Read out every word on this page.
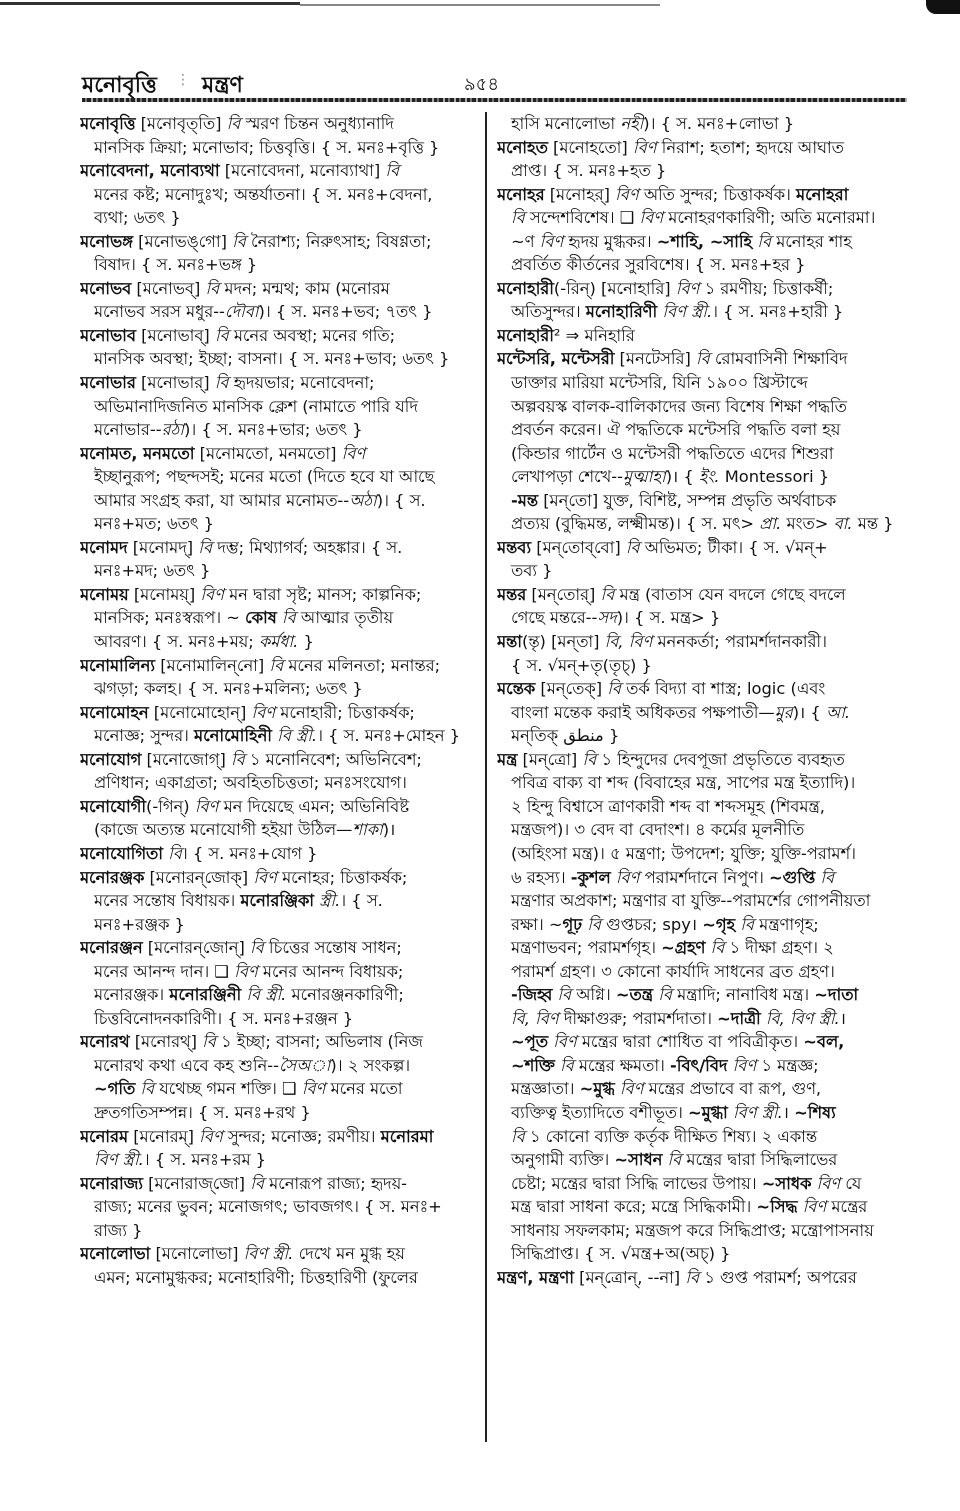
মনোবৃত্তি ⋮ মন্ত্রণ	৯৫৪
মনোবৃত্তি [মনোবৃত্‌তি] বি স্মরণ চিন্তন অনুধ্যানাদি
মানসিক ক্রিয়া; মনোভাব; চিত্তবৃত্তি। { স. মনঃ+বৃত্তি }
মনোবেদনা, মনোব্যথা [মনোবেদনা, মনোব্যাথা] বি
মনের কষ্ট; মনোদুঃখ; অন্তর্যাতনা। { স. মনঃ+বেদনা,
ব্যথা; ৬তৎ }
মনোভঙ্গ [মনোভঙ্‌গো] বি নৈরাশ্য; নিরুৎসাহ; বিষণ্ণতা;
বিষাদ। { স. মনঃ+ভঙ্গ }
মনোভব [মনোভব্‌] বি মদন; মন্মথ; কাম (মনোরম
মনোভব সরস মধুর--দৌবা)। { স. মনঃ+ভব; ৭তৎ }
মনোভাব [মনোভাব্‌] বি মনের অবস্থা; মনের গতি;
মানসিক অবস্থা; ইচ্ছা; বাসনা। { স. মনঃ+ভাব; ৬তৎ }
মনোভার [মনোভার্‌] বি হৃদয়ভার; মনোবেদনা;
অভিমানাদিজনিত মানসিক ক্লেশ (নামাতে পারি যদি
মনোভার--রঠা)। { স. মনঃ+ভার; ৬তৎ }
মনোমত, মনমতো [মনোমতো, মনমতো] বিণ
ইচ্ছানুরূপ; পছন্দসই; মনের মতো (দিতে হবে যা আছে
আমার সংগ্রহ করা, যা আমার মনোমত--অঠা)। { স.
মনঃ+মত; ৬তৎ }
মনোমদ [মনোমদ্‌] বি দম্ভ; মিথ্যাগর্ব; অহঙ্কার। { স.
মনঃ+মদ; ৬তৎ }
মনোময় [মনোময়্‌] বিণ মন দ্বারা সৃষ্ট; মানস; কাল্পনিক;
মানসিক; মনঃস্বরূপ। ~ কোষ বি আত্মার তৃতীয়
আবরণ। { স. মনঃ+ময়; কর্মধা. }
মনোমালিন্য [মনোমালিন্‌নো] বি মনের মলিনতা; মনান্তর;
ঝগড়া; কলহ। { স. মনঃ+মলিন্য; ৬তৎ }
মনোমোহন [মনোমোহোন্‌] বিণ মনোহারী; চিত্তাকর্ষক;
মনোজ্ঞ; সুন্দর। মনোমোহিনী বি স্ত্রী.। { স. মনঃ+মোহন }
মনোযোগ [মনোজোগ্‌] বি ১ মনোনিবেশ; অভিনিবেশ;
প্রণিধান; একাগ্রতা; অবহিতচিত্ততা; মনঃসংযোগ।
মনোযোগী(-গিন্‌) বিণ মন দিয়েছে এমন; অভিনিবিষ্ট
(কাজে অত্যন্ত মনোযোগী হইয়া উঠিল—শাকা)।
মনোযোগিতা বি। { স. মনঃ+যোগ }
মনোরঞ্জক [মনোরন্‌জোক্‌] বিণ মনোহর; চিত্তাকর্ষক;
মনের সন্তোষ বিধায়ক। মনোরঞ্জিকা স্ত্রী.। { স.
মনঃ+রঞ্জক }
মনোরঞ্জন [মনোরন্‌জোন্‌] বি চিত্তের সন্তোষ সাধন;
মনের আনন্দ দান। ❑ বিণ মনের আনন্দ বিধায়ক;
মনোরঞ্জক। মনোরঞ্জিনী বি স্ত্রী. মনোরঞ্জনকারিণী;
চিত্তবিনোদনকারিণী। { স. মনঃ+রঞ্জন }
মনোরথ [মনোরথ্‌] বি ১ ইচ্ছা; বাসনা; অভিলাষ (নিজ
মনোরথ কথা এবে কহ শুনি--সৈঅা)। ২ সংকল্প।
~গতি বি যথেচ্ছ গমন শক্তি। ❑ বিণ মনের মতো
দ্রুতগতিসম্পন্ন। { স. মনঃ+রথ }
মনোরম [মনোরম্‌] বিণ সুন্দর; মনোজ্ঞ; রমণীয়। মনোরমা
বিণ স্ত্রী.। { স. মনঃ+রম }
মনোরাজ্য [মনোরাজ্‌জো] বি মনোরূপ রাজ্য; হৃদয়-
রাজ্য; মনের ভুবন; মনোজগৎ; ভাবজগৎ। { স. মনঃ+
রাজ্য }
মনোলোভা [মনোলোভা] বিণ স্ত্রী. দেখে মন মুগ্ধ হয়
এমন; মনোমুগ্ধকর; মনোহারিণী; চিত্তহারিণী (ফুলের
হাসি মনোলোভা নহী)। { স. মনঃ+লোভা }
মনোহত [মনোহতো] বিণ নিরাশ; হতাশ; হৃদয়ে আঘাত
প্রাপ্ত। { স. মনঃ+হত }
মনোহর [মনোহর্‌] বিণ অতি সুন্দর; চিত্তাকর্ষক। মনোহরা
বি সন্দেশবিশেষ। ❑ বিণ মনোহরণকারিণী; অতি মনোরমা।
~ণ বিণ হৃদয় মুগ্ধকর। ~শাহি, ~সাহি বি মনোহর শাহ
প্রবর্তিত কীর্তনের সুরবিশেষ। { স. মনঃ+হর }
মনোহারী(-রিন্‌) [মনোহারি] বিণ ১ রমণীয়; চিত্তাকর্ষী;
অতিসুন্দর। মনোহারিণী বিণ স্ত্রী.। { স. মনঃ+হারী }
মনোহারী² ⇒ মনিহারি
মন্টেসরি, মন্টেসরী [মনটেসরি] বি রোমবাসিনী শিক্ষাবিদ
ডাক্তার মারিয়া মন্টেসরি, যিনি ১৯০০ খ্রিস্টাব্দে
অল্পবয়স্ক বালক-বালিকাদের জন্য বিশেষ শিক্ষা পদ্ধতি
প্রবর্তন করেন। ঐ পদ্ধতিকে মন্টেসরি পদ্ধতি বলা হয়
(কিন্ডার গার্টেন ও মন্টেসরী পদ্ধতিতে এদের শিশুরা
লেখাপড়া শেখে--মুত্মাহা)। { ইং. Montessori }
-মন্ত [মন্‌তো] যুক্ত, বিশিষ্ট, সম্পন্ন প্রভৃতি অর্থবাচক
প্রত্যয় (বুদ্ধিমন্ত, লক্ষ্মীমন্ত)। { স. মৎ> প্রা. মংত> বা. মন্ত }
মন্তব্য [মন্‌তোব্‌বো] বি অভিমত; টীকা। { স. √মন্‌+
তব্য }
মন্তর [মন্‌তোর্‌] বি মন্ত্র (বাতাস যেন বদলে গেছে বদলে
গেছে মন্তরে--সদ)। { স. মন্ত্র> }
মন্তা(ন্তৃ) [মন্‌তা] বি, বিণ মননকর্তা; পরামর্শদানকারী।
{ স. √মন্‌+তৃ(তৃচ্‌) }
মন্তেক [মন্‌তেক্‌] বি তর্ক বিদ্যা বা শাস্ত্র; logic (এবং
বাংলা মন্তেক করাই অধিকতর পক্ষপাতী—মুর)। { আ.
মন্‌তিক্‌ منطق }
মন্ত্র [মন্‌ত্রো] বি ১ হিন্দুদের দেবপূজা প্রভৃতিতে ব্যবহৃত
পবিত্র বাক্য বা শব্দ (বিবাহের মন্ত্র, সাপের মন্ত্র ইত্যাদি)।
২ হিন্দু বিশ্বাসে ত্রাণকারী শব্দ বা শব্দসমূহ (শিবমন্ত্র,
মন্ত্রজপ)। ৩ বেদ বা বেদাংশ। ৪ কর্মের মূলনীতি
(অহিংসা মন্ত্র)। ৫ মন্ত্রণা; উপদেশ; যুক্তি; যুক্তি-পরামর্শ।
৬ রহস্য। -কুশল বিণ পরামর্শদানে নিপুণ। ~গুপ্তি বি
মন্ত্রণার অপ্রকাশ; মন্ত্রণার বা যুক্তি--পরামর্শের গোপনীয়তা
রক্ষা। ~গূঢ় বি গুপ্তচর; spy। ~গৃহ বি মন্ত্রণাগৃহ;
মন্ত্রণাভবন; পরামর্শগৃহ। ~গ্রহণ বি ১ দীক্ষা গ্রহণ। ২
পরামর্শ গ্রহণ। ৩ কোনো কার্যাদি সাধনের ব্রত গ্রহণ।
-জিহ্ব বি অগ্নি। ~তন্ত্র বি মন্ত্রাদি; নানাবিধ মন্ত্র। ~দাতা
বি, বিণ দীক্ষাগুরু; পরামর্শদাতা। ~দাত্রী বি, বিণ স্ত্রী.।
~পূত বিণ মন্ত্রের দ্বারা শোধিত বা পবিত্রীকৃত। ~বল,
~শক্তি বি মন্ত্রের ক্ষমতা। -বিৎ/বিদ বিণ ১ মন্ত্রজ্ঞ;
মন্ত্রজ্ঞাতা। ~মুগ্ধ বিণ মন্ত্রের প্রভাবে বা রূপ, গুণ,
ব্যক্তিত্ব ইত্যাদিতে বশীভূত। ~মুগ্ধা বিণ স্ত্রী.। ~শিষ্য
বি ১ কোনো ব্যক্তি কর্তৃক দীক্ষিত শিষ্য। ২ একান্ত
অনুগামী ব্যক্তি। ~সাধন বি মন্ত্রের দ্বারা সিদ্ধিলাভের
চেষ্টা; মন্ত্রের দ্বারা সিদ্ধি লাভের উপায়। ~সাধক বিণ যে
মন্ত্র দ্বারা সাধনা করে; মন্ত্রে সিদ্ধিকামী। ~সিদ্ধ বিণ মন্ত্রের
সাধনায় সফলকাম; মন্ত্রজপ করে সিদ্ধিপ্রাপ্ত; মন্ত্রোপাসনায়
সিদ্ধিপ্রাপ্ত। { স. √মন্ত্র+অ(অচ্‌) }
মন্ত্রণ, মন্ত্রণা [মন্‌ত্রোন্‌, --না] বি ১ গুপ্ত পরামর্শ; অপরের
